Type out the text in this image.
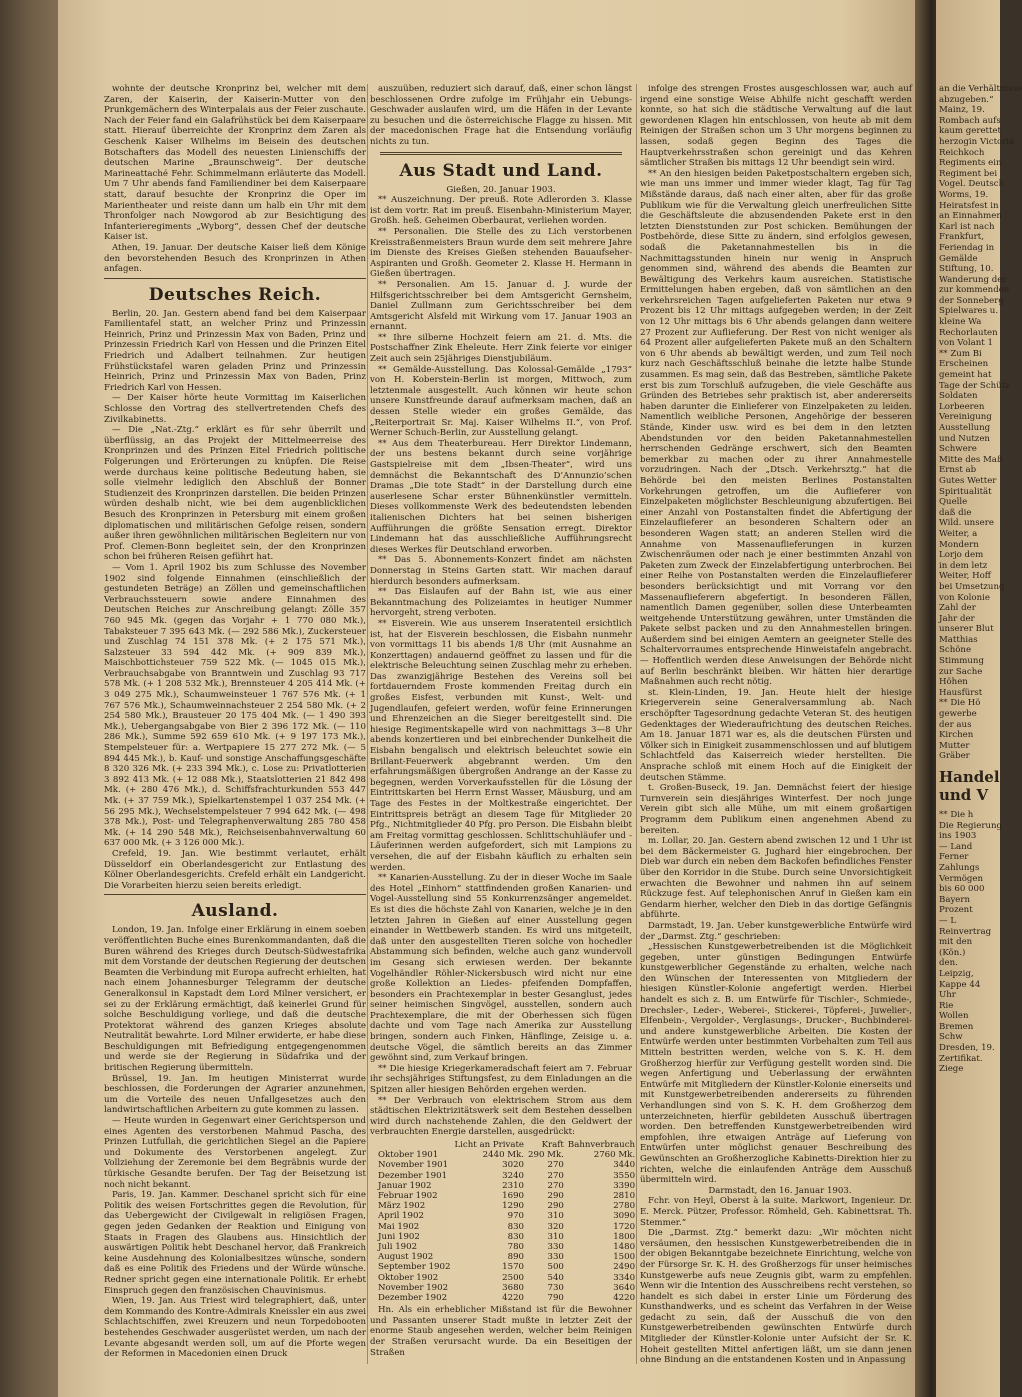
wohnte der deutsche Kronprinz bei, welcher mit dem Zaren, der Kaiserin, der Kaiserin-Mutter von den Prunkgemächern des Winterpalais aus der Feier zuschaute. Nach der Feier fand ein Galafrühstück bei dem Kaiserpaare statt. Hierauf überreichte der Kronprinz dem Zaren als Geschenk Kaiser Wilhelms im Beisein des deutschen Botschafters das Modell des neuesten Linienschiffs der deutschen Marine „Braunschweig“. Der deutsche Marineattaché Fehr. Schimmelmann erläuterte das Modell. Um 7 Uhr abends fand Familiendiner bei dem Kaiserpaare statt, darauf besuchte der Kronprinz die Oper im Marientheater und reiste dann um halb ein Uhr mit dem Thronfolger nach Nowgorod ab zur Besichtigung des Infanterieregiments „Wyborg“, dessen Chef der deutsche Kaiser ist.

Athen, 19. Januar. Der deutsche Kaiser ließ dem Könige den bevorstehenden Besuch des Kronprinzen in Athen anfagen.

Deutsches Reich.

Berlin, 20. Jan. Gestern abend fand bei dem Kaiserpaar Familientafel statt, an welcher Prinz und Prinzessin Heinrich, Prinz und Prinzessin Max von Baden, Prinz und Prinzessin Friedrich Karl von Hessen und die Prinzen Eitel Friedrich und Adalbert teilnahmen. Zur heutigen Frühstückstafel waren geladen Prinz und Prinzessin Heinrich, Prinz und Prinzessin Max von Baden, Prinz Friedrich Karl von Hessen.

— Der Kaiser hörte heute Vormittag im Kaiserlichen Schlosse den Vortrag des stellvertretenden Chefs des Zivilkabinetts.

— Die „Nat.-Ztg.“ erklärt es für sehr überrilt und überflüssig, an das Projekt der Mittelmeerreise des Kronprinzen und des Prinzen Eitel Friedrich politische Folgerungen und Erörterungen zu knüpfen. Die Reise werde durchaus keine politische Bedeutung haben, sie solle vielmehr lediglich den Abschluß der Bonner Studienzeit des Kronprinzen darstellen. Die beiden Prinzen würden deshalb nicht, wie bei dem augenblicklichen Besuch des Kronprinzen in Petersburg mit einem großen diplomatischen und militärischen Gefolge reisen, sondern außer ihren gewöhnlichen militärischen Begleitern nur von Prof. Clemen-Bonn begleitet sein, der den Kronprinzen schon bei früheren Reisen geführt hat.

— Vom 1. April 1902 bis zum Schlusse des November 1902 sind folgende Einnahmen (einschließlich der gestundeten Beträge) an Zöllen und gemeinschaftlichen Verbrauchssteuern sowie andere Einnahmen des Deutschen Reiches zur Anschreibung gelangt: Zölle 357 760 945 Mk. (gegen das Vorjahr + 1 770 080 Mk.), Tabaksteuer 7 395 643 Mk. (— 292 586 Mk.), Zuckersteuer und Zuschlag 74 151 378 Mk. (+ 2 175 571 Mk.), Salzsteuer 33 594 442 Mk. (+ 909 839 Mk.), Maischbottichsteuer 759 522 Mk. (— 1045 015 Mk.), Verbrauchsabgabe von Branntwein und Zuschlag 93 717 578 Mk. (+ 1 208 532 Mk.), Brennsteuer 4 205 414 Mk. (+ 3 049 275 Mk.), Schaumweinsteuer 1 767 576 Mk. (+ 1 767 576 Mk.), Schaumweinnachsteuer 2 254 580 Mk. (+ 2 254 580 Mk.), Brausteuer 20 175 404 Mk. (— 1 490 393 Mk.), Uebergangsabgabe von Bier 2 396 172 Mk. (— 110 286 Mk.), Summe 592 659 610 Mk. (+ 9 197 173 Mk.), Stempelsteuer für: a. Wertpapiere 15 277 272 Mk. (— 5 894 445 Mk.), b. Kauf- und sonstige Anschaffungsgeschäfte 8 320 326 Mk. (+ 233 394 Mk.), c. Lose zu: Privatlotterien 3 892 413 Mk. (+ 12 088 Mk.), Staatslotterien 21 842 498 Mk. (+ 280 476 Mk.), d. Schiffsfrachturkunden 553 447 Mk. (+ 37 759 Mk.), Spielkartenstempel 1 037 254 Mk. (+ 56 295 Mk.), Wechselstempelsteuer 7 994 642 Mk. (— 498 378 Mk.), Post- und Telegraphenverwaltung 285 780 458 Mk. (+ 14 290 548 Mk.), Reichseisenbahnverwaltung 60 637 000 Mk. (+ 3 126 000 Mk.).

Crefeld, 19. Jan. Wie bestimmt verlautet, erhält Düsseldorf ein Oberlandesgericht zur Entlastung des Kölner Oberlandesgerichts. Crefeld erhält ein Landgericht. Die Vorarbeiten hierzu seien bereits erledigt.

Ausland.

London, 19. Jan. Infolge einer Erklärung in einem soeben veröffentlichten Buche eines Burenkommandanten, daß die Buren während des Krieges durch Deutsch-Südwestafrika mit dem Vorstande der deutschen Regierung der deutschen Beamten die Verbindung mit Europa aufrecht erhielten, hat nach einem Johannesburger Telegramm der deutsche Generalkonsul in Kapstadt dem Lord Milner versichert, er sei zu der Erklärung ermächtigt, daß keinerlei Grund für solche Beschuldigung vorliege, und daß die deutsche Protektorat während des ganzen Krieges absolute Neutralität bewahrte. Lord Milner erwiderte, er habe diese Beschuldigungen mit Befriedigung entgegengenommen und werde sie der Regierung in Südafrika und der britischen Regierung übermitteln.

Brüssel, 19. Jan. Im heutigen Ministerrat wurde beschlossen, die Forderungen der Agrarier anzunehmen, um die Vorteile des neuen Unfallgesetzes auch den landwirtschaftlichen Arbeitern zu gute kommen zu lassen.

— Heute wurden in Gegenwart einer Gerichtsperson und eines Agenten des verstorbenen Mahmud Pascha, des Prinzen Lutfullah, die gerichtlichen Siegel an die Papiere und Dokumente des Verstorbenen angelegt. Zur Vollziehung der Zeremonie bei dem Begräbnis wurde der türkische Gesandte berufen. Der Tag der Beisetzung ist noch nicht bekannt.

Paris, 19. Jan. Kammer. Deschanel spricht sich für eine Politik des weisen Fortschrittes gegen die Revolution, für das Uebergewicht der Civilgewalt in religiösen Fragen, gegen jeden Gedanken der Reaktion und Einigung von Staats in Fragen des Glaubens aus. Hinsichtlich der auswärtigen Politik hebt Deschanel hervor, daß Frankreich keine Ausdehnung des Kolonialbesitzes wünsche, sondern daß es eine Politik des Friedens und der Würde wünsche. Redner spricht gegen eine internationale Politik. Er erhebt Einspruch gegen den französischen Chauvinismus.

Wien, 19. Jan. Aus Triest wird telegraphiert, daß, unter dem Kommando des Kontre-Admirals Kneissler ein aus zwei Schlachtschiffen, zwei Kreuzern und neun Torpedobooten bestehendes Geschwader ausgerüstet werden, um nach der Levante abgesandt werden soll, um auf die Pforte wegen der Reformen in Macedonien einen Druck

auszuüben, reduziert sich darauf, daß, einer schon längst beschlossenen Ordre zufolge im Frühjahr ein Uebungs-Geschwader auslaufen wird, um die Häfen in der Levante zu besuchen und die österreichische Flagge zu hissen. Mit der macedonischen Frage hat die Entsendung vorläufig nichts zu tun.

Aus Stadt und Land.

Gießen, 20. Januar 1903.

** Auszeichnung. Der preuß. Rote Adlerorden 3. Klasse ist dem vortr. Rat im preuß. Eisenbahn-Ministerium Mayer, Großh. heß. Geheimen Oberbaurat, verliehen worden.

** Personalien. Die Stelle des zu Lich verstorbenen Kreisstraßenmeisters Braun wurde dem seit mehrere Jahre im Dienste des Kreises Gießen stehenden Bauaufseher-Aspiranten und Großh. Geometer 2. Klasse H. Hermann in Gießen übertragen.

** Personalien. Am 15. Januar d. J. wurde der Hilfsgerichtsschreiber bei dem Amtsgericht Gernsheim, Daniel Zullmann zum Gerichtsschreiber bei dem Amtsgericht Alsfeld mit Wirkung vom 17. Januar 1903 an ernannt.

** Ihre silberne Hochzeit feiern am 21. d. Mts. die Postschaffner Zink Eheleute. Herr Zink feierte vor einiger Zeit auch sein 25jähriges Dienstjubiläum.

** Gemälde-Ausstellung. Das Kolossal-Gemälde „1793“ von H. Koberstein-Berlin ist morgen, Mittwoch, zum letztenmale ausgestellt. Auch können wir heute schon unsere Kunstfreunde darauf aufmerksam machen, daß an dessen Stelle wieder ein großes Gemälde, das „Reiterportrait Sr. Maj. Kaiser Wilhelms II.“, von Prof. Werner Schuch-Berlin, zur Ausstellung gelangt.

** Aus dem Theaterbureau. Herr Direktor Lindemann, der uns bestens bekannt durch seine vorjährige Gastspielreise mit dem „Ibsen-Theater“, wird uns demnächst die Bekanntschaft des D’Annunzio’schen Dramas „Die tote Stadt“ in der Darstellung durch eine auserlesene Schar erster Bühnenkünstler vermitteln. Dieses vollkommenste Werk des bedeutendsten lebenden italienischen Dichters hat bei seinen bisherigen Aufführungen die größte Sensation erregt. Direktor Lindemann hat das ausschließliche Aufführungsrecht dieses Werkes für Deutschland erworben.

** Das 5. Abonnements-Konzert findet am nächsten Donnerstag in Steins Garten statt. Wir machen darauf hierdurch besonders aufmerksam.

** Das Eislaufen auf der Bahn ist, wie aus einer Bekanntmachung des Polizeiamtes in heutiger Nummer hervorgeht, streng verboten.

** Eisverein. Wie aus unserem Inseratenteil ersichtlich ist, hat der Eisverein beschlossen, die Eisbahn nunmehr von vormittags 11 bis abends 1/8 Uhr (mit Ausnahme an Konzerttagen) andauernd geöffnet zu lassen und für die elektrische Beleuchtung seinen Zuschlag mehr zu erheben. Das zwanzigjährige Bestehen des Vereins soll bei fortdauerndem Froste kommenden Freitag durch ein großes Eisfest, verbunden mit Kunst-, Welt- und Jugendlaufen, gefeiert werden, wofür feine Erinnerungen und Ehrenzeichen an die Sieger bereitgestellt sind. Die hiesige Regimentskapelle wird von nachmittags 3—8 Uhr abends konzertieren und bei einbrechender Dunkelheit die Eisbahn bengalisch und elektrisch beleuchtet sowie ein Brillant-Feuerwerk abgebrannt werden. Um den erfahrungsmäßigen übergroßen Andrange an der Kasse zu begegnen, werden Vorverkaufsstellen für die Lösung der Eintrittskarten bei Herrn Ernst Wasser, Mäusburg, und am Tage des Festes in der Moltkestraße eingerichtet. Der Eintrittspreis beträgt an diesem Tage für Mitglieder 20 Pfg., Nichtmitglieder 40 Pfg. pro Person. Die Eisbahn bleibt am Freitag vormittag geschlossen. Schlittschuhläufer und -Läuferinnen werden aufgefordert, sich mit Lampions zu versehen, die auf der Eisbahn käuflich zu erhalten sein werden.

** Kanarien-Ausstellung. Zu der in dieser Woche im Saale des Hotel „Einhorn“ stattfindenden großen Kanarien- und Vogel-Ausstellung sind 55 Konkurrenzsänger angemeldet. Es ist dies die höchste Zahl von Kanarien, welche je in den letzten Jahren in Gießen auf einer Ausstellung gegen einander in Wettbewerb standen. Es wird uns mitgeteilt, daß unter den ausgestellten Tieren solche von hochedler Abstammung sich befinden, welche auch ganz wundervoll im Gesang sich erwiesen werden. Der bekannte Vogelhändler Röhler-Nickersbusch wird nicht nur eine große Kollektion an Liedes- pfeifenden Dompfaffen, besonders ein Prachtexemplar in bester Gesanglust, jedes seiner heimischen Singvögel, ausstellen, sondern auch Prachtexemplare, die mit der Oberhessen sich fügen dachte und vom Tage nach Amerika zur Ausstellung bringen, sondern auch Finken, Hänflinge, Zeisige u. a. deutsche Vögel, die sämtlich bereits an das Zimmer gewöhnt sind, zum Verkauf bringen.

** Die hiesige Kriegerkameradschaft feiert am 7. Februar ihr sechsjähriges Stiftungsfest, zu dem Einladungen an die Spitzen aller hiesigen Behörden ergehen werden.

** Der Verbrauch von elektrischem Strom aus dem städtischen Elektrizitätswerk seit dem Bestehen desselben wird durch nachstehende Zahlen, die den Geldwert der verbrauchten Energie darstellen, ausgedrückt:

	Licht an Private	Kraft	Bahnverbrauch
Oktober 1901	2440 Mk.	290 Mk.	2760 Mk.
November 1901	3020	270	3440
Dezember 1901	3240	270	3550
Januar 1902	2310	270	3390
Februar 1902	1690	290	2810
März 1902	1290	290	2780
April 1902	970	310	3090
Mai 1902	830	320	1720
Juni 1902	830	310	1800
Juli 1902	780	330	1480
August 1902	890	330	1500
September 1902	1570	500	2490
Oktober 1902	2500	540	3340
November 1902	3680	730	3640
Dezember 1902	4220	790	4220

Hn. Als ein erheblicher Mißstand ist für die Bewohner und Passanten unserer Stadt mußte in letzter Zeit der enorme Staub angesehen werden, welcher beim Reinigen der Straßen verursacht wurde. Da ein Beseitigen der Straßen

infolge des strengen Frostes ausgeschlossen war, auch auf irgend eine sonstige Weise Abhilfe nicht geschafft werden konnte, so hat sich die städtische Verwaltung auf die laut gewordenen Klagen hin entschlossen, von heute ab mit dem Reinigen der Straßen schon um 3 Uhr morgens beginnen zu lassen, sodaß gegen Beginn des Tages die Hauptverkehrsstraßen schon gereinigt und das Kehren sämtlicher Straßen bis mittags 12 Uhr beendigt sein wird.

** An den hiesigen beiden Paketpostschaltern ergeben sich, wie man uns immer und immer wieder klagt, Tag für Tag Mißstände daraus, daß nach einer alten, aber für das große Publikum wie für die Verwaltung gleich unerfreulichen Sitte die Geschäftsleute die abzusendenden Pakete erst in den letzten Dienststunden zur Post schicken. Bemühungen der Postbehörde, diese Sitte zu ändern, sind erfolglos gewesen, sodaß die Paketannahmestellen bis in die Nachmittagsstunden hinein nur wenig in Anspruch genommen sind, während des abends die Beamten zur Bewältigung des Verkehrs kaum ausreichen. Statistische Ermittelungen haben ergeben, daß von sämtlichen an den verkehrsreichen Tagen aufgelieferten Paketen nur etwa 9 Prozent bis 12 Uhr mittags aufgegeben werden; in der Zeit von 12 Uhr mittags bis 6 Uhr abends gelangen dann weitere 27 Prozent zur Auflieferung. Der Rest von nicht weniger als 64 Prozent aller aufgelieferten Pakete muß an den Schaltern von 6 Uhr abends ab bewältigt werden, und zum Teil noch kurz nach Geschäftsschluß beinahe die letzte halbe Stunde zusammen. Es mag sein, daß das Bestreben, sämtliche Pakete erst bis zum Torschluß aufzugeben, die viele Geschäfte aus Gründen des Betriebes sehr praktisch ist, aber andererseits haben darunter die Einlieferer von Einzelpaketen zu leiden. Namentlich weibliche Personen, Angehörige der besseren Stände, Kinder usw. wird es bei dem in den letzten Abendstunden vor den beiden Paketannahmestellen herrschenden Gedränge erschwert, sich den Beamten bemerkbar zu machen oder zu ihrer Annahmestelle vorzudringen. Nach der „Dtsch. Verkehrsztg.“ hat die Behörde bei den meisten Berlines Postanstalten Vorkehrungen getroffen, um die Auflieferer von Einzelpaketen möglichster Beschleunigung abzufertigen. Bei einer Anzahl von Postanstalten findet die Abfertigung der Einzelauflieferer an besonderen Schaltern oder an besonderen Wagen statt; an anderen Stellen wird die Annahme von Massenauflieferungen in kurzen Zwischenräumen oder nach je einer bestimmten Anzahl von Paketen zum Zweck der Einzelabfertigung unterbrochen. Bei einer Reihe von Postanstalten werden die Einzelauflieferer besonders berücksichtigt und mit Vorrang vor den Massenauflieferern abgefertigt. In besonderen Fällen, namentlich Damen gegenüber, sollen diese Unterbeamten weitgehende Unterstützung gewähren, unter Umständen die Pakete selbst packen und zu den Annahmestellen bringen. Außerdem sind bei einigen Aemtern an geeigneter Stelle des Schaltervorraumes entsprechende Hinweistafeln angebracht. — Hoffentlich werden diese Anweisungen der Behörde nicht auf Berlin beschränkt bleiben. Wir hätten hier derartige Maßnahmen auch recht nötig.

st. Klein-Linden, 19. Jan. Heute hielt der hiesige Kriegerverein seine Generalversammlung ab. Nach erschöpfter Tagesordnung gedachte Veteran St. des heutigen Gedenktages der Wiederaufrichtung des deutschen Reiches. Am 18. Januar 1871 war es, als die deutschen Fürsten und Völker sich in Einigkeit zusammenschlossen und auf blutigem Schlachtfeld das Kaiserreich wieder herstellten. Die Ansprache schloß mit einem Hoch auf die Einigkeit der deutschen Stämme.

t. Großen-Buseck, 19. Jan. Demnächst feiert der hiesige Turnverein sein diesjähriges Winterfest. Der noch junge Verein gibt sich alle Mühe, um mit einem großartigen Programm dem Publikum einen angenehmen Abend zu bereiten.

m. Lollar, 20. Jan. Gestern abend zwischen 12 und 1 Uhr ist bei dem Bäckermeister G. Jughard hier eingebrochen. Der Dieb war durch ein neben dem Backofen befindliches Fenster über den Korridor in die Stube. Durch seine Unvorsichtigkeit erwachten die Bewohner und nahmen ihn auf seinem Rückzuge fest. Auf telephonischen Anruf in Gießen kam ein Gendarm hierher, welcher den Dieb in das dortige Gefängnis abführte.

Darmstadt, 19. Jan. Ueber kunstgewerbliche Entwürfe wird der „Darmst. Ztg.“ geschrieben:

„Hessischen Kunstgewerbetreibenden ist die Möglichkeit gegeben, unter günstigen Bedingungen Entwürfe kunstgewerblicher Gegenstände zu erhalten, welche nach den Wünschen der Interessenten von Mitgliedern der hiesigen Künstler-Kolonie angefertigt werden. Hierbei handelt es sich z. B. um Entwürfe für Tischler-, Schmiede-, Drechsler-, Leder-, Weberei-, Stickerei-, Töpferei-, Juwelier-, Elfenbein-, Vergolder-, Verglasungs-, Drucker-, Buchbinderei- und andere kunstgewerbliche Arbeiten. Die Kosten der Entwürfe werden unter bestimmten Vorbehalten zum Teil aus Mitteln bestritten werden, welche von S. K. H. dem Großherzog hierfür zur Verfügung gestellt worden sind. Die wegen Anfertigung und Ueberlassung der erwähnten Entwürfe mit Mitgliedern der Künstler-Kolonie einerseits und mit Kunstgewerbetreibenden andererseits zu führenden Verhandlungen sind von S. K. H. dem Großherzog dem unterzeichneten, hierfür gebildeten Ausschuß übertragen worden. Den betreffenden Kunstgewerbetreibenden wird empfohlen, ihre etwaigen Anträge auf Lieferung von Entwürfen unter möglichst genauer Beschreibung des Gewünschten an Großherzogliche Kabinetts-Direktion hier zu richten, welche die einlaufenden Anträge dem Ausschuß übermitteln wird.

Darmstadt, den 16. Januar 1903.

Fchr. von Heyl, Oberst à la suite. Markwort, Ingenieur. Dr. E. Merck. Pützer, Professor. Römheld, Geh. Kabinettsrat. Th. Stemmer.“

Die „Darmst. Ztg.“ bemerkt dazu: „Wir möchten nicht versäumen, den hessischen Kunstgewerbetreibenden die in der obigen Bekanntgabe bezeichnete Einrichtung, welche von der Fürsorge Sr. K. H. des Großherzogs für unser heimisches Kunstgewerbe aufs neue Zeugnis gibt, warm zu empfehlen. Wenn wir die Intention des Ausschreibens recht verstehen, so handelt es sich dabei in erster Linie um Förderung des Kunsthandwerks, und es scheint das Verfahren in der Weise gedacht zu sein, daß der Ausschuß die von den Kunstgewerbetreibenden gewünschten Entwürfe durch Mitglieder der Künstler-Kolonie unter Aufsicht der Sr. K. Hoheit gestellten Mittel anfertigen läßt, um sie dann jenen ohne Bindung an die entstandenen Kosten und in Anpassung

an die Verhältnisse
abzugeben.“
Mainz, 19.
Rombach aufs
kaum gerettet
herzogin Victoria
Reichkoch
Regiments ein
Regiment bei
Vogel. Deutsch
Worms, 19.
Heiratsfest in
an Einnahmen
Karl ist nach
Frankfurt,
Feriendag in
Gemälde
Stiftung, 10.
Wanderung der
zur kommenden
der Sonneberg
Spielwares u.
kleine Wa
Rechorlauten
von Volant 1
** Zum Bi
Erscheinen
gemeint hat
Tage der Schütz
Soldaten
Lorbeeren
Vereinigung
Ausstellung
und Nutzen
Schwere
Mitte des Maß
Ernst ab
Gutes Wetter
Spiritualität
Quelle
daß die
Wild. unsere
Weiter, a
Mondern
Lorjo dem
in dem letz
Weiter, Hoff
bei Umsetzung
von Kolonie
Zahl der
Jahr der
unserer Blut
Matthias
Schöne
Stimmung
zur Sache
Höhen
Hausfürst
** Die Hö
gewerbe
der aus
Kirchen
Mutter
Gräber
Handel und V
** Die h
Die Regierung
ins 1903
— Land
Ferner
Zahlungs
Vermögen
bis 60 000
Bayern
Prozent
— L
Reinvertrag
mit den
(Kön.)
den.
Leipzig,
Kappe 44
Uhr
Rie
Wollen
Bremen
Schw
Dresden, 19.
Zertifikat.
Ziege
